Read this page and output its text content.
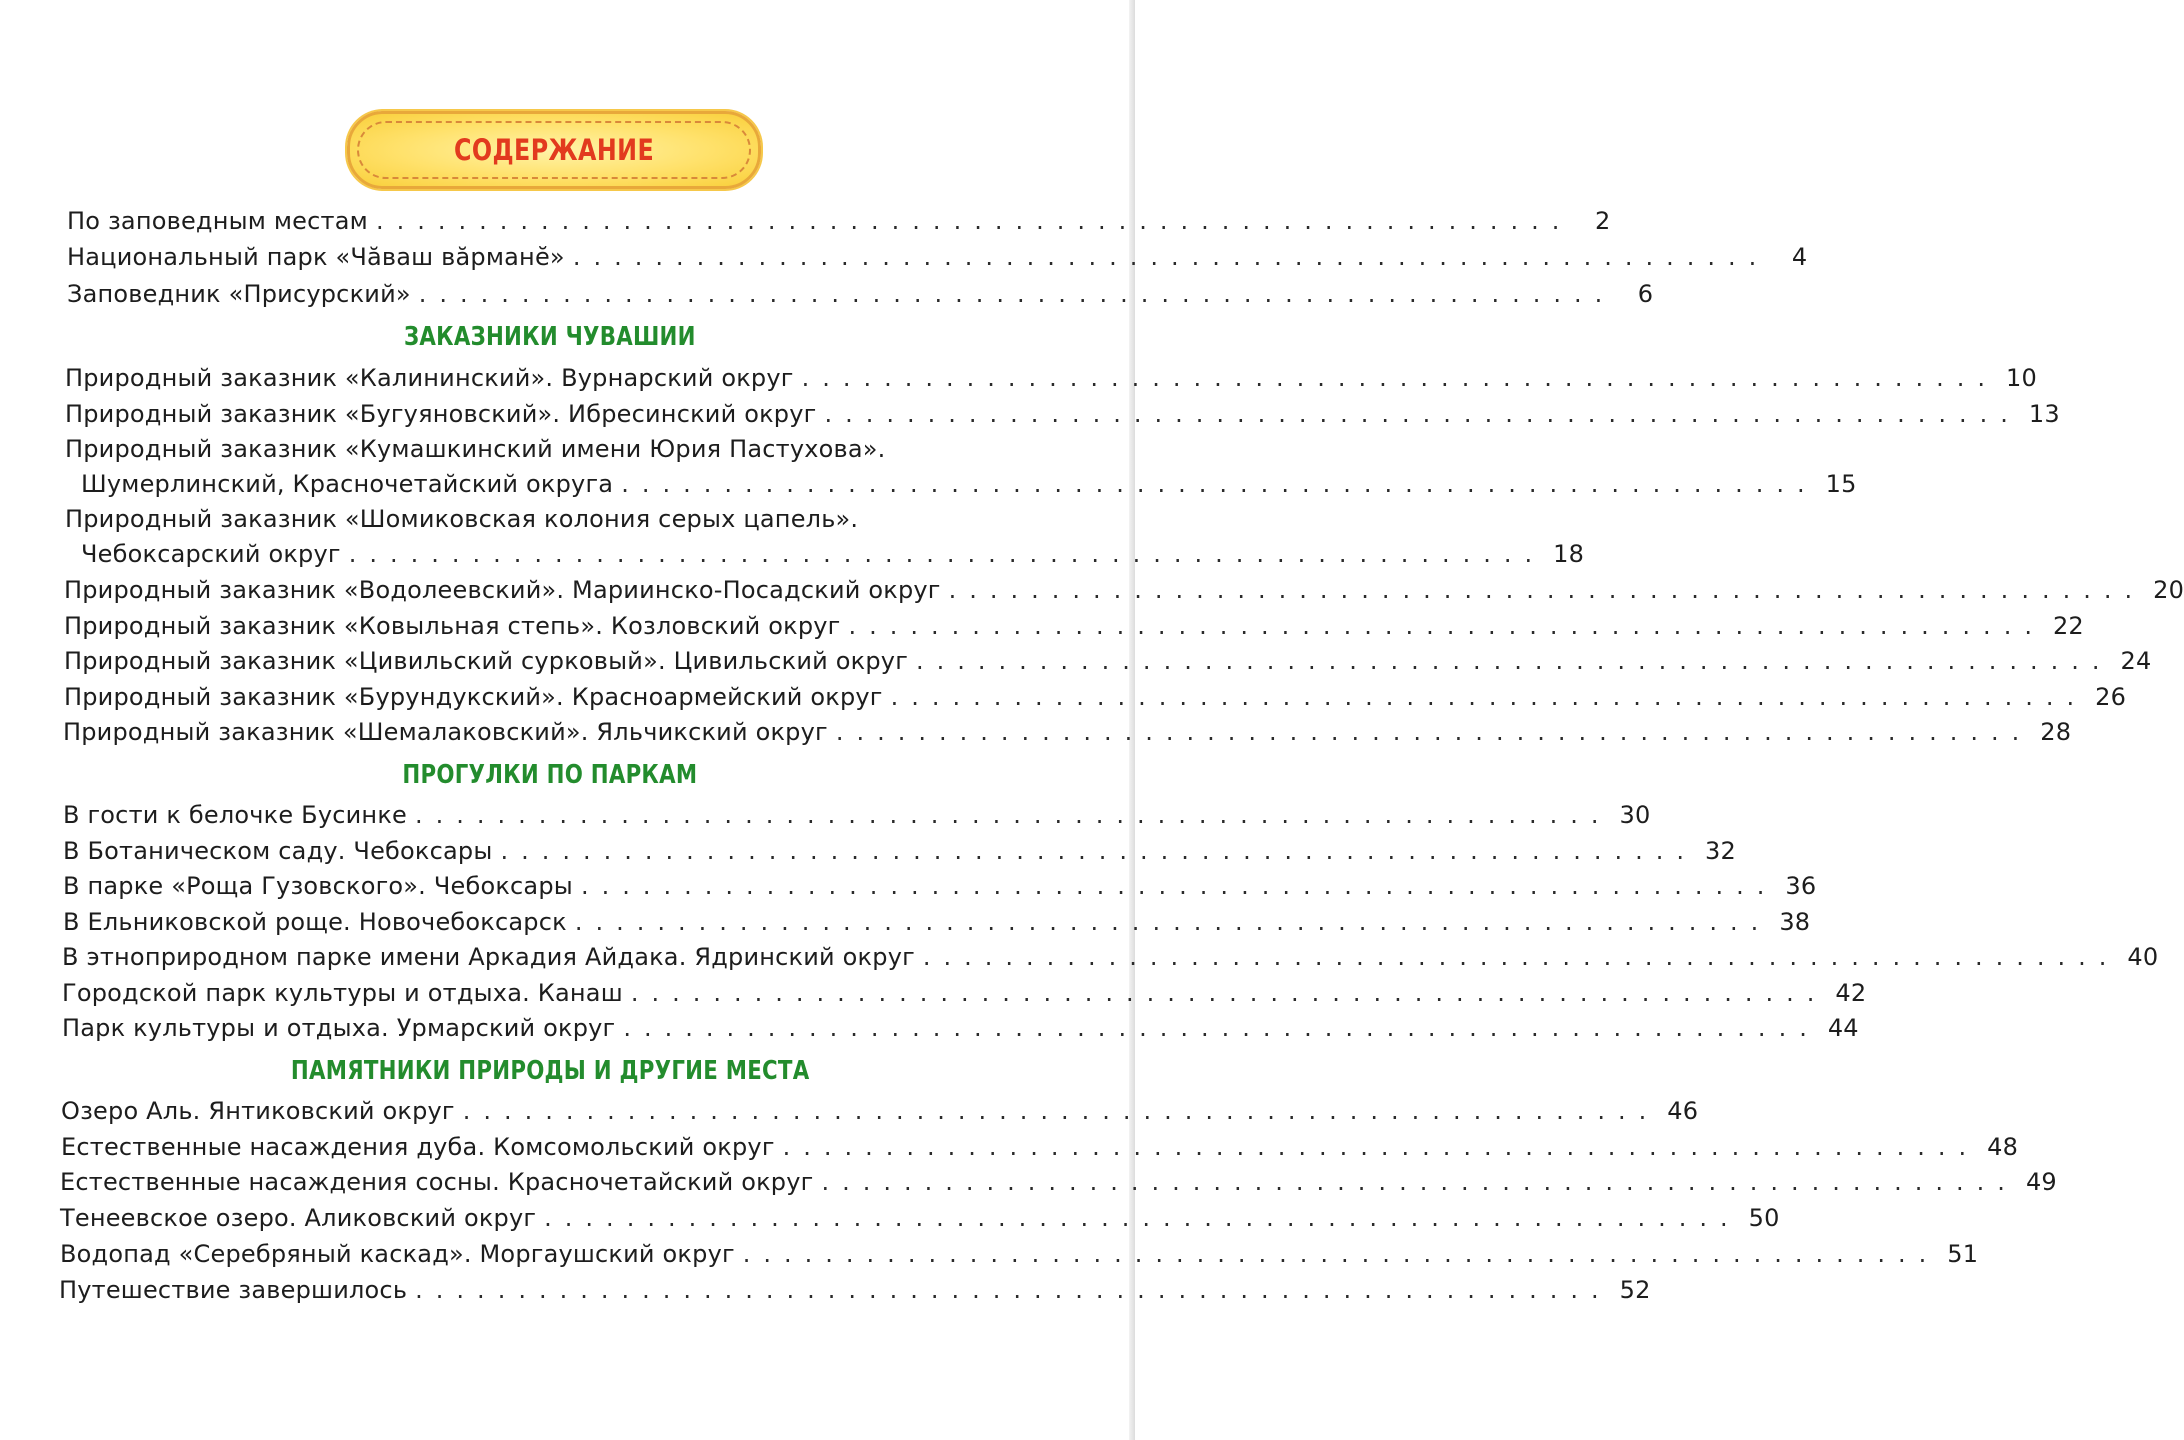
СОДЕРЖАНИЕ
По заповедным местам .......................................................... 2
Национальный парк «Чӑваш вӑрманӗ» .......................................................... 4
Заповедник «Присурский» .......................................................... 6
ЗАКАЗНИКИ ЧУВАШИИ
Природный заказник «Калининский». Вурнарский округ .......................................................... 10
Природный заказник «Бугуяновский». Ибресинский округ .......................................................... 13
Природный заказник «Кумашкинский имени Юрия Пастухова».
Шумерлинский, Красночетайский округа .......................................................... 15
Природный заказник «Шомиковская колония серых цапель».
Чебоксарский округ .......................................................... 18
Природный заказник «Водолеевский». Мариинско-Посадский округ .......................................................... 20
Природный заказник «Ковыльная степь». Козловский округ .......................................................... 22
Природный заказник «Цивильский сурковый». Цивильский округ .......................................................... 24
Природный заказник «Бурундукский». Красноармейский округ .......................................................... 26
Природный заказник «Шемалаковский». Яльчикский округ .......................................................... 28
ПРОГУЛКИ ПО ПАРКАМ
В гости к белочке Бусинке .......................................................... 30
В Ботаническом саду. Чебоксары .......................................................... 32
В парке «Роща Гузовского». Чебоксары .......................................................... 36
В Ельниковской роще. Новочебоксарск .......................................................... 38
В этноприродном парке имени Аркадия Айдака. Ядринский округ .......................................................... 40
Городской парк культуры и отдыха. Канаш .......................................................... 42
Парк культуры и отдыха. Урмарский округ .......................................................... 44
ПАМЯТНИКИ ПРИРОДЫ И ДРУГИЕ МЕСТА
Озеро Аль. Янтиковский округ .......................................................... 46
Естественные насаждения дуба. Комсомольский округ .......................................................... 48
Естественные насаждения сосны. Красночетайский округ .......................................................... 49
Тенеевское озеро. Аликовский округ .......................................................... 50
Водопад «Серебряный каскад». Моргаушский округ .......................................................... 51
Путешествие завершилось .......................................................... 52
